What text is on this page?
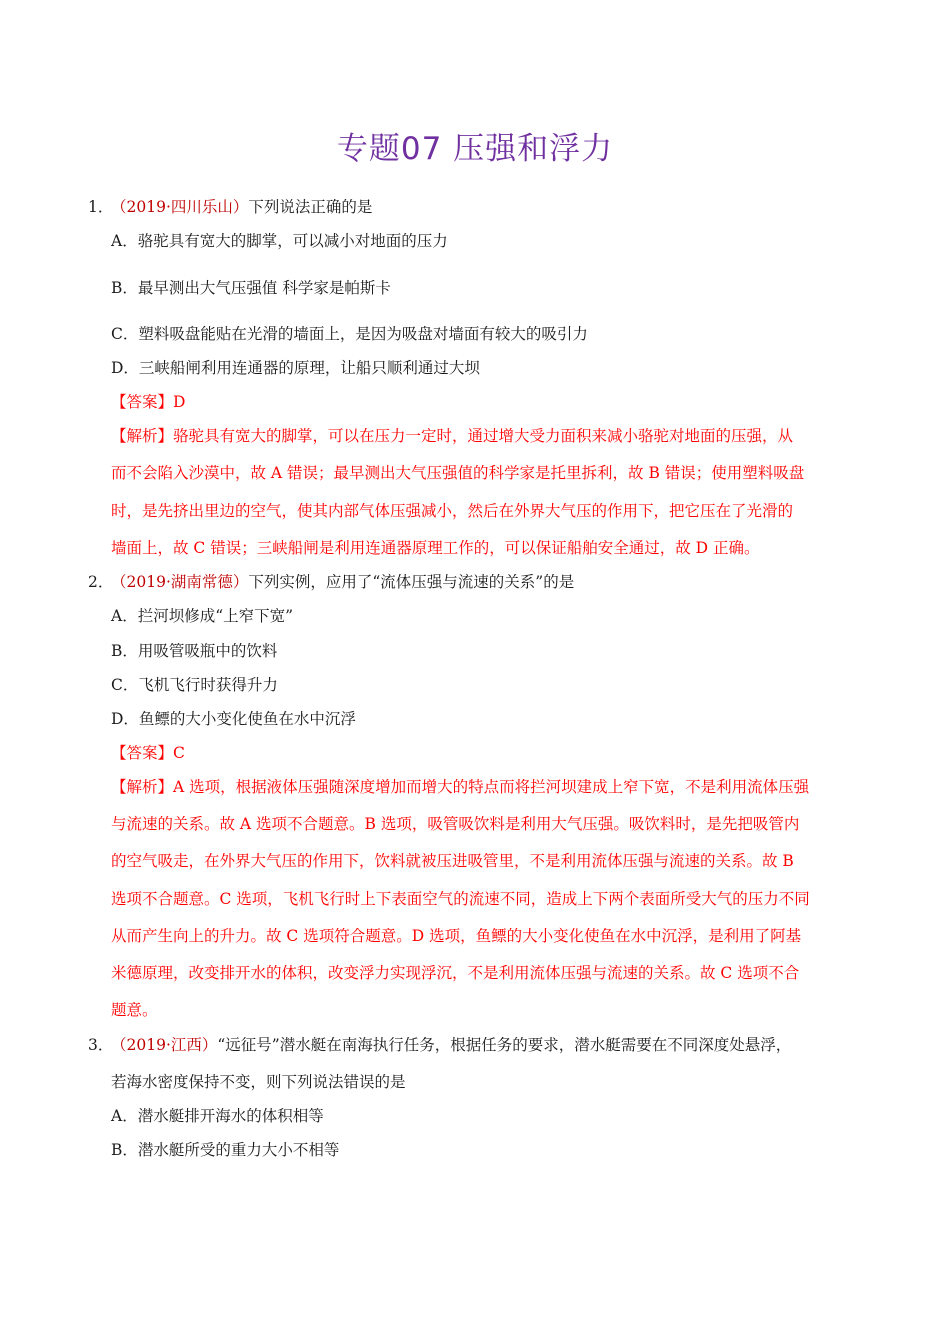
专题07 压强和浮力
1．
（2019·四川乐山）下列说法正确的是
A．骆驼具有宽大的脚掌，可以减小对地面的压力
B．最早测出大气压强值 科学家是帕斯卡
C．塑料吸盘能贴在光滑的墙面上，是因为吸盘对墙面有较大的吸引力
D．三峡船闸利用连通器的原理，让船只顺利通过大坝
【答案】D
【解析】骆驼具有宽大的脚掌，可以在压力一定时，通过增大受力面积来减小骆驼对地面的压强，从
而不会陷入沙漠中，故 A 错误；最早测出大气压强值的科学家是托里拆利，故 B 错误；使用塑料吸盘
时，是先挤出里边的空气，使其内部气体压强减小，然后在外界大气压的作用下，把它压在了光滑的
墙面上，故 C 错误；三峡船闸是利用连通器原理工作的，可以保证船舶安全通过，故 D 正确。
2．
（2019·湖南常德）下列实例，应用了“流体压强与流速的关系”的是
A．拦河坝修成“上窄下宽”
B．用吸管吸瓶中的饮料
C．飞机飞行时获得升力
D．鱼鳔的大小变化使鱼在水中沉浮
【答案】C
【解析】A 选项，根据液体压强随深度增加而增大的特点而将拦河坝建成上窄下宽，不是利用流体压强
与流速的关系。故 A 选项不合题意。B 选项，吸管吸饮料是利用大气压强。吸饮料时，是先把吸管内
的空气吸走，在外界大气压的作用下，饮料就被压进吸管里，不是利用流体压强与流速的关系。故 B
选项不合题意。C 选项，飞机飞行时上下表面空气的流速不同，造成上下两个表面所受大气的压力不同
从而产生向上的升力。故 C 选项符合题意。D 选项，鱼鳔的大小变化使鱼在水中沉浮，是利用了阿基
米德原理，改变排开水的体积，改变浮力实现浮沉，不是利用流体压强与流速的关系。故 C 选项不合
题意。
3．
（2019·江西）“远征号”潜水艇在南海执行任务，根据任务的要求，潜水艇需要在不同深度处悬浮，
若海水密度保持不变，则下列说法错误的是
A．潜水艇排开海水的体积相等
B．潜水艇所受的重力大小不相等
